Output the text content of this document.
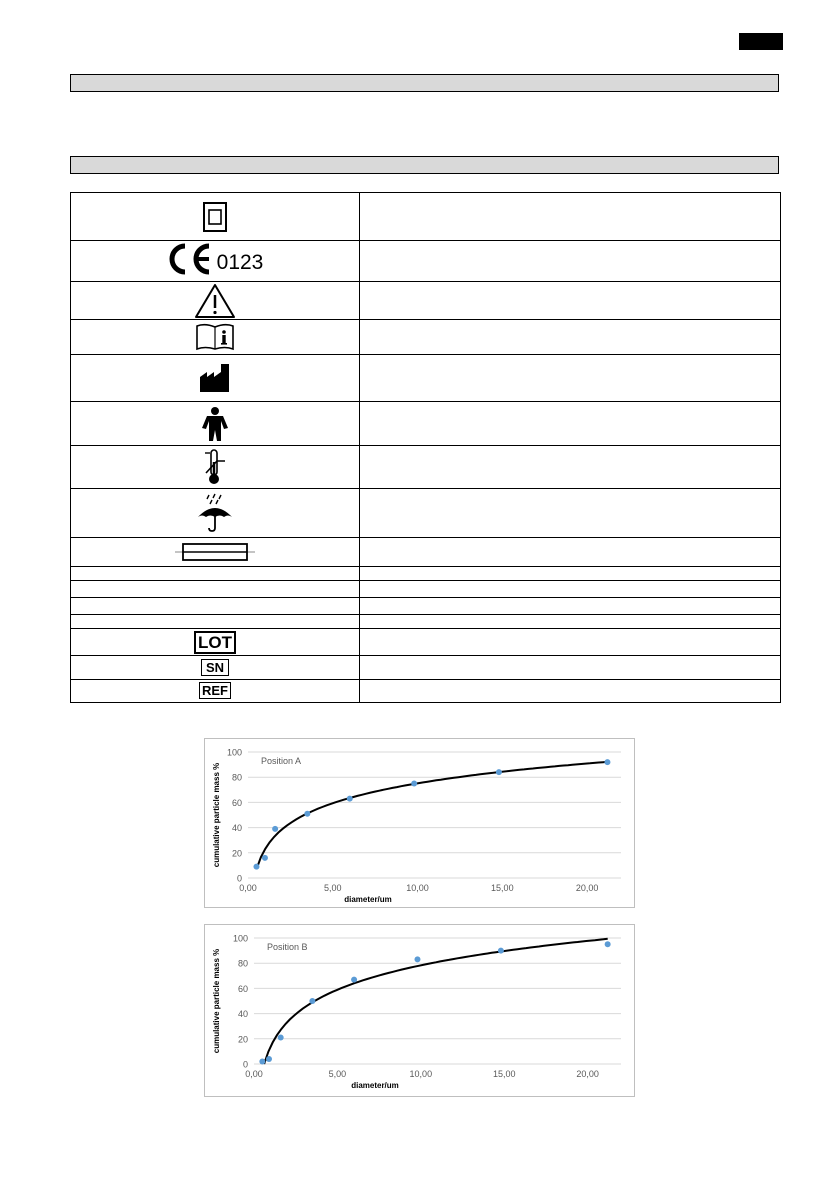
0123	

LOT	
SN	
REF	
0
20
40
60
80
100
0,00	5,00	10,00	15,00	20,00
diameter/um
cumulative particle mass %
Position A
0
20
40
60
80
100
0,00	5,00	10,00	15,00	20,00
diameter/um
cumulative particle mass %
Position B
